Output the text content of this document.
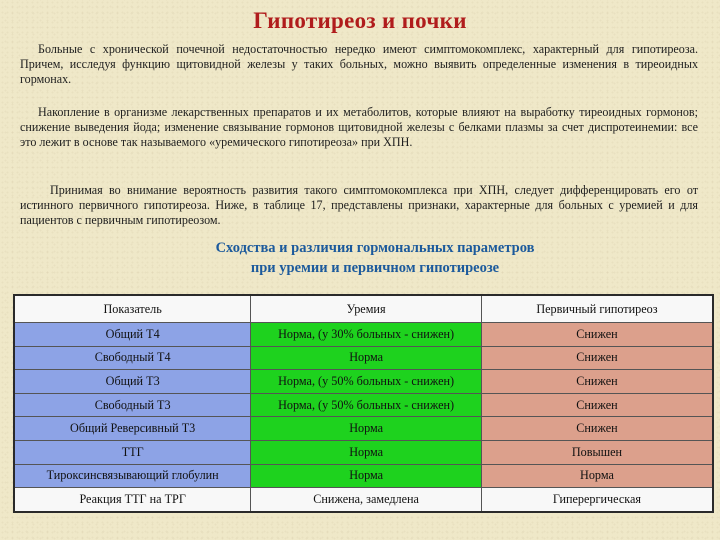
Гипотиреоз и почки

Больные с хронической почечной недостаточностью нередко имеют симптомокомплекс, характерный для гипотиреоза. Причем, исследуя функцию щитовидной железы у таких больных, можно выявить определенные изменения в тиреоидных гормонах.

Накопление в организме лекарственных препаратов и их метаболитов, которые влияют на выработку тиреоидных гормонов; снижение выведения йода; изменение связывание гормонов щитовидной железы с белками плазмы за счет диспротеинемии: все это лежит в основе так называемого «уремического гипотиреоза» при ХПН.

Принимая во внимание вероятность развития такого симптомокомплекса при ХПН, следует дифференцировать его от истинного первичного гипотиреоза. Ниже, в таблице 17, представлены признаки, характерные для больных с уремией и для пациентов с первичным гипотиреозом.

Сходства и различия гормональных параметров
при уремии и первичном гипотиреозе
Показатель	Уремия	Первичный гипотиреоз
Общий Т4	Норма, (у 30% больных - снижен)	Снижен
Свободный Т4	Норма	Снижен
Общий Т3	Норма, (у 50% больных - снижен)	Снижен
Свободный Т3	Норма, (у 50% больных - снижен)	Снижен
Общий Реверсивный Т3	Норма	Снижен
ТТГ	Норма	Повышен
Тироксинсвязывающий глобулин	Норма	Норма
Реакция ТТГ на ТРГ	Снижена, замедлена	Гиперергическая
